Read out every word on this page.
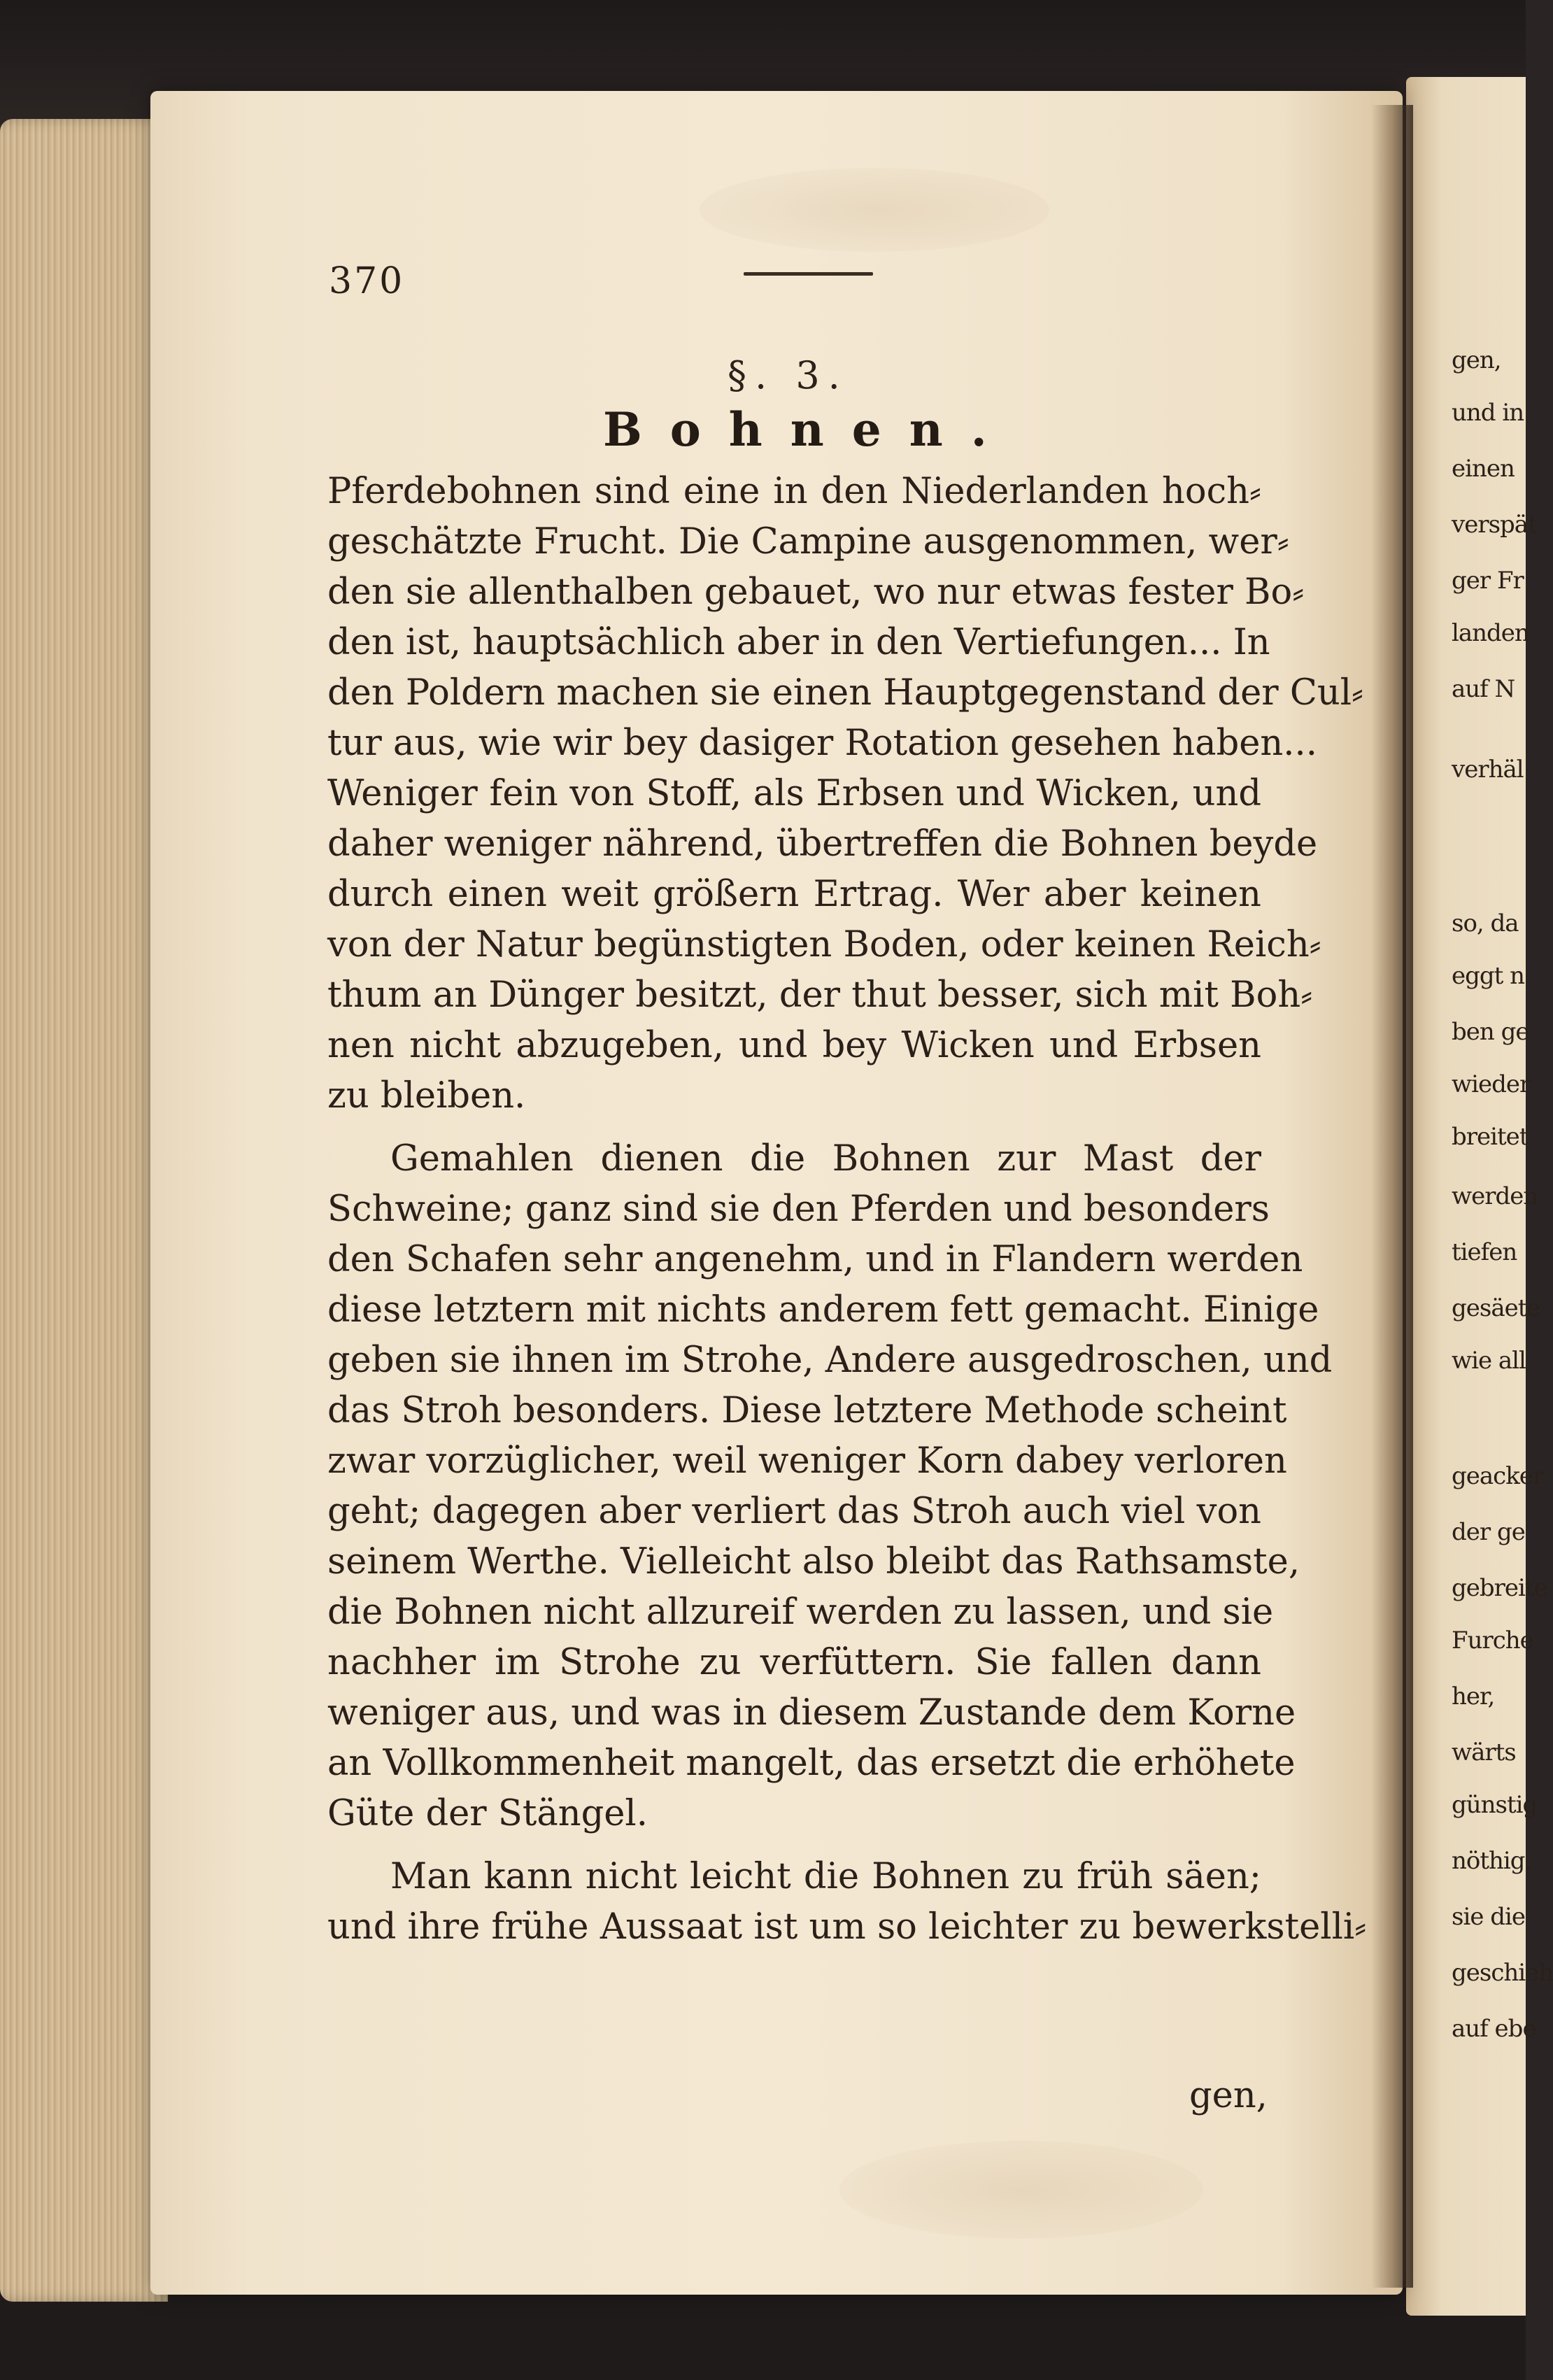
370
§. 3.
Bohnen.
Pferdebohnen sind eine in den Niederlanden hoch⸗
geschätzte Frucht. Die Campine ausgenommen, wer⸗
den sie allenthalben gebauet, wo nur etwas fester Bo⸗
den ist, hauptsächlich aber in den Vertiefungen... In
den Poldern machen sie einen Hauptgegenstand der Cul⸗
tur aus, wie wir bey dasiger Rotation gesehen haben...
Weniger fein von Stoff, als Erbsen und Wicken, und
daher weniger nährend, übertreffen die Bohnen beyde
durch einen weit größern Ertrag. Wer aber keinen
von der Natur begünstigten Boden, oder keinen Reich⸗
thum an Dünger besitzt, der thut besser, sich mit Boh⸗
nen nicht abzugeben, und bey Wicken und Erbsen
zu bleiben.
Gemahlen dienen die Bohnen zur Mast der
Schweine; ganz sind sie den Pferden und besonders
den Schafen sehr angenehm, und in Flandern werden
diese letztern mit nichts anderem fett gemacht. Einige
geben sie ihnen im Strohe, Andere ausgedroschen, und
das Stroh besonders. Diese letztere Methode scheint
zwar vorzüglicher, weil weniger Korn dabey verloren
geht; dagegen aber verliert das Stroh auch viel von
seinem Werthe. Vielleicht also bleibt das Rathsamste,
die Bohnen nicht allzureif werden zu lassen, und sie
nachher im Strohe zu verfüttern. Sie fallen dann
weniger aus, und was in diesem Zustande dem Korne
an Vollkommenheit mangelt, das ersetzt die erhöhete
Güte der Stängel.
Man kann nicht leicht die Bohnen zu früh säen;
und ihre frühe Aussaat ist um so leichter zu bewerkstelli⸗
gen,
gen,
und in
einen
verspät
ger Fr
landen
auf N
verhäl
so, da
eggt n
ben ge
wieder
breitet
werden
tiefen
gesäete
wie all
geacker
der ge
gebreite
Furche
her,
wärts
günstig
nöthig.
sie die
geschieh
auf ebe
